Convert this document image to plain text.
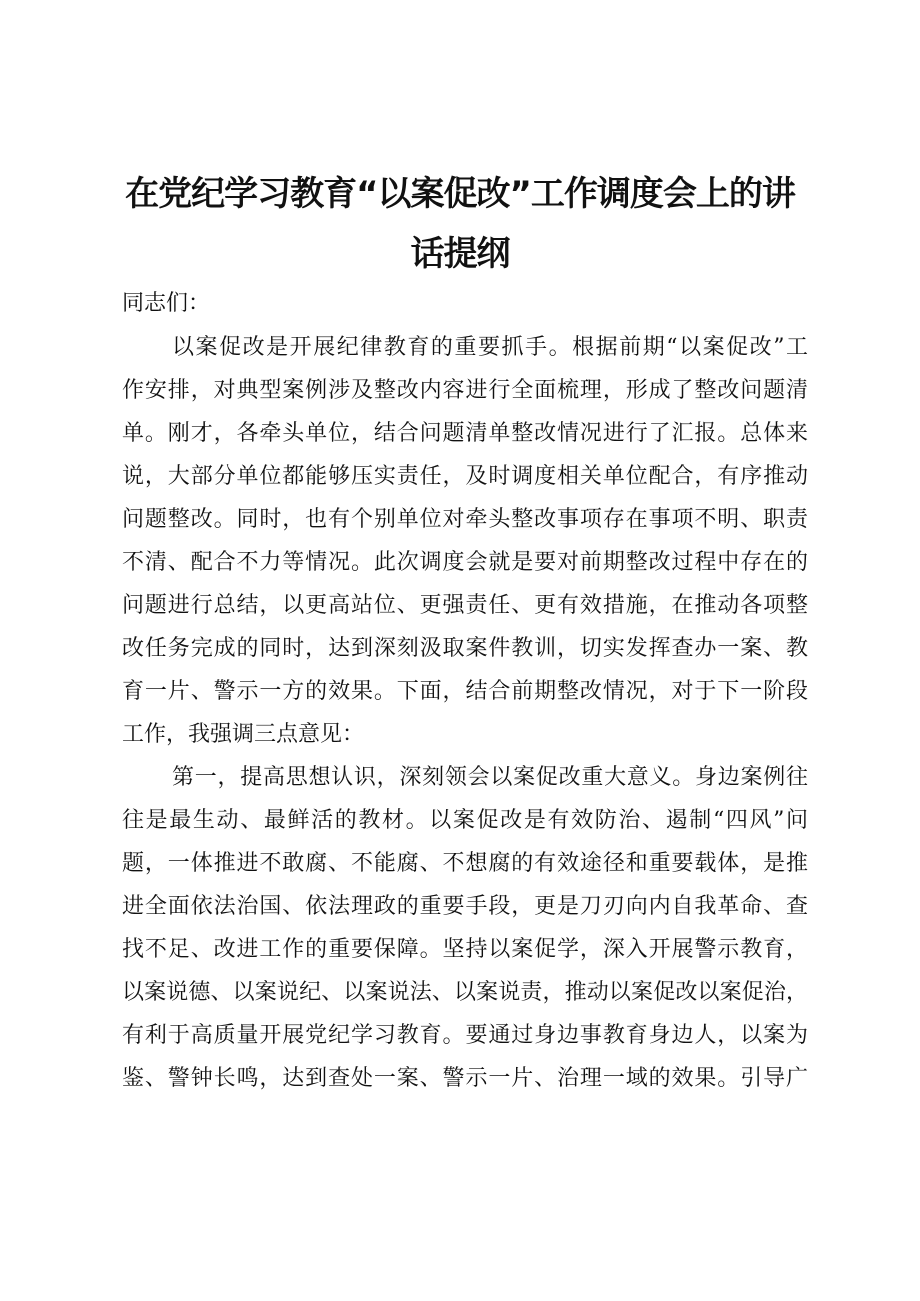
在党纪学习教育“以案促改”工作调度会上的讲
话提纲

同志们：

以案促改是开展纪律教育的重要抓手。根据前期“以案促改”工

作安排，对典型案例涉及整改内容进行全面梳理，形成了整改问题清

单。刚才，各牵头单位，结合问题清单整改情况进行了汇报。总体来

说，大部分单位都能够压实责任，及时调度相关单位配合，有序推动

问题整改。同时，也有个别单位对牵头整改事项存在事项不明、职责

不清、配合不力等情况。此次调度会就是要对前期整改过程中存在的

问题进行总结，以更高站位、更强责任、更有效措施，在推动各项整

改任务完成的同时，达到深刻汲取案件教训，切实发挥查办一案、教

育一片、警示一方的效果。下面，结合前期整改情况，对于下一阶段

工作，我强调三点意见：

第一，提高思想认识，深刻领会以案促改重大意义。身边案例往

往是最生动、最鲜活的教材。以案促改是有效防治、遏制“四风”问

题，一体推进不敢腐、不能腐、不想腐的有效途径和重要载体，是推

进全面依法治国、依法理政的重要手段，更是刀刃向内自我革命、查

找不足、改进工作的重要保障。坚持以案促学，深入开展警示教育，

以案说德、以案说纪、以案说法、以案说责，推动以案促改以案促治，

有利于高质量开展党纪学习教育。要通过身边事教育身边人，以案为

鉴、警钟长鸣，达到查处一案、警示一片、治理一域的效果。引导广
